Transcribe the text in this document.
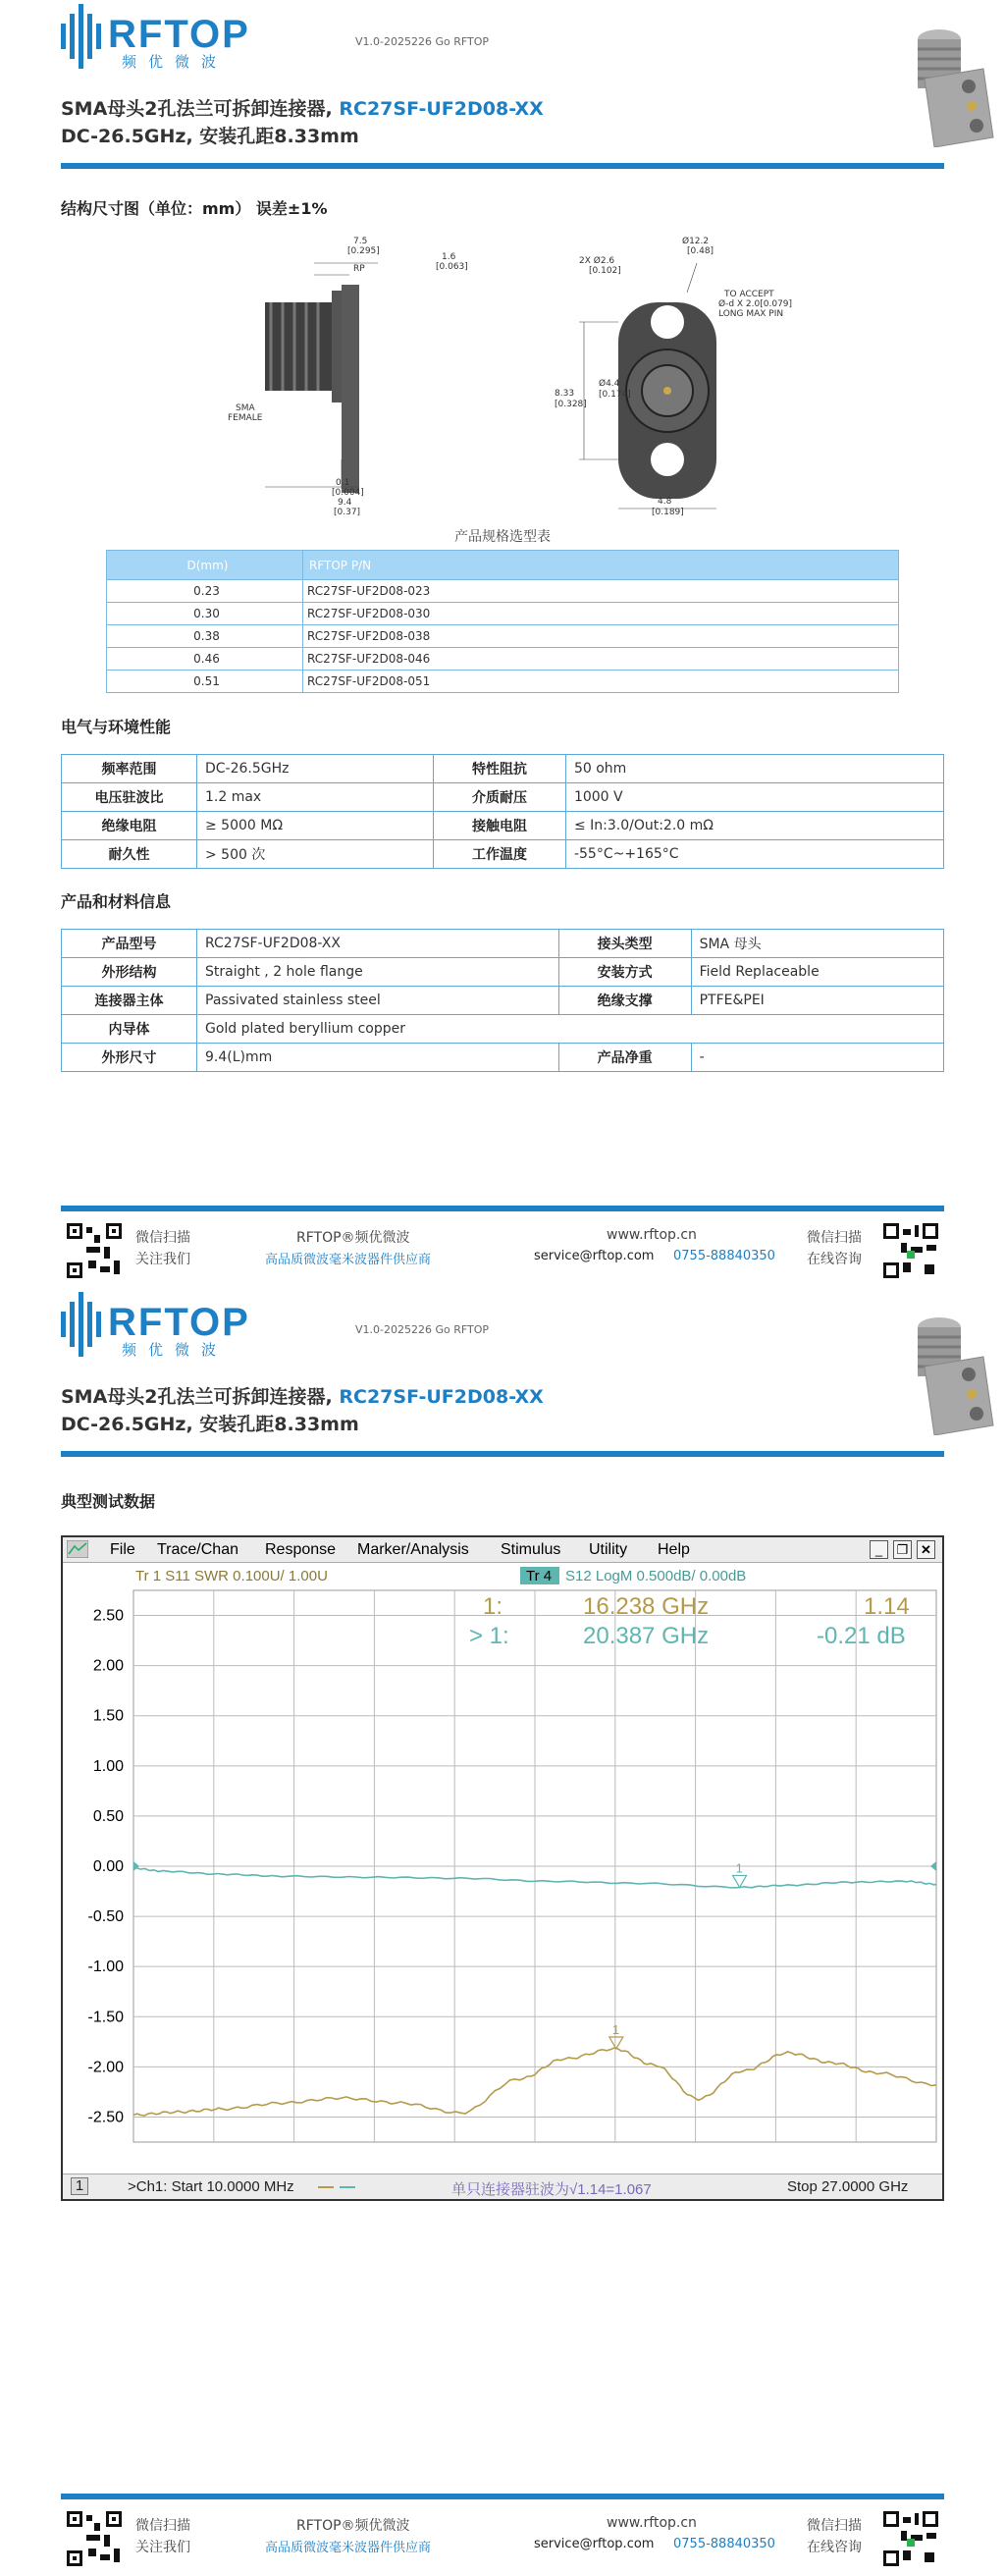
RFTOP
频优微波
V1.0-2025226 Go RFTOP
SMA母头2孔法兰可拆卸连接器, RC27SF-UF2D08-XX
DC-26.5GHz, 安装孔距8.33mm
结构尺寸图（单位：mm） 误差±1%
7.5
[0.295]
RP
1.6
[0.063]
SMA
FEMALE
0.1
[0.004]
9.4
[0.37]
2X Ø2.6
[0.102]
Ø12.2
[0.48]
TO ACCEPT
Ø-d X 2.0[0.079]
LONG MAX PIN
8.33
[0.328]
Ø4.4
[0.174]
4.8
[0.189]
产品规格选型表
D(mm)	RFTOP P/N
0.23	RC27SF-UF2D08-023
0.30	RC27SF-UF2D08-030
0.38	RC27SF-UF2D08-038
0.46	RC27SF-UF2D08-046
0.51	RC27SF-UF2D08-051
电气与环境性能
频率范围	DC-26.5GHz	特性阻抗	50 ohm
电压驻波比	1.2 max	介质耐压	1000 V
绝缘电阻	≥ 5000 MΩ	接触电阻	≤ In:3.0/Out:2.0 mΩ
耐久性	> 500 次	工作温度	-55°C~+165°C
产品和材料信息
产品型号	RC27SF-UF2D08-XX	接头类型	SMA 母头
外形结构	Straight , 2 hole flange	安装方式	Field Replaceable
连接器主体	Passivated stainless steel	绝缘支撑	PTFE&PEI
内导体	Gold plated beryllium copper		
外形尺寸	9.4(L)mm	产品净重	-
微信扫描
关注我们
RFTOP®频优微波
高品质微波毫米波器件供应商
www.rftop.cn
service@rftop.com 0755-88840350
微信扫描
在线咨询
RFTOP
频优微波
V1.0-2025226 Go RFTOP
SMA母头2孔法兰可拆卸连接器, RC27SF-UF2D08-XX
DC-26.5GHz, 安装孔距8.33mm
典型测试数据
File Trace/Chan Response Marker/Analysis Stimulus Utility Help	_	❐ ✕
Tr 1 S11 SWR 0.100U/ 1.00U	Tr 4 S12 LogM 0.500dB/ 0.00dB
2.50
2.00
1.50
1.00
0.50
0.00
-0.50
-1.00
-1.50
-2.00
-2.50
1
1
1:	16.238 GHz	1.14
> 1:	20.387 GHz	-0.21 dB
1	>Ch1: Start 10.0000 MHz	单只连接器驻波为√1.14=1.067	Stop 27.0000 GHz
微信扫描
关注我们
RFTOP®频优微波
高品质微波毫米波器件供应商
www.rftop.cn
service@rftop.com 0755-88840350
微信扫描
在线咨询
